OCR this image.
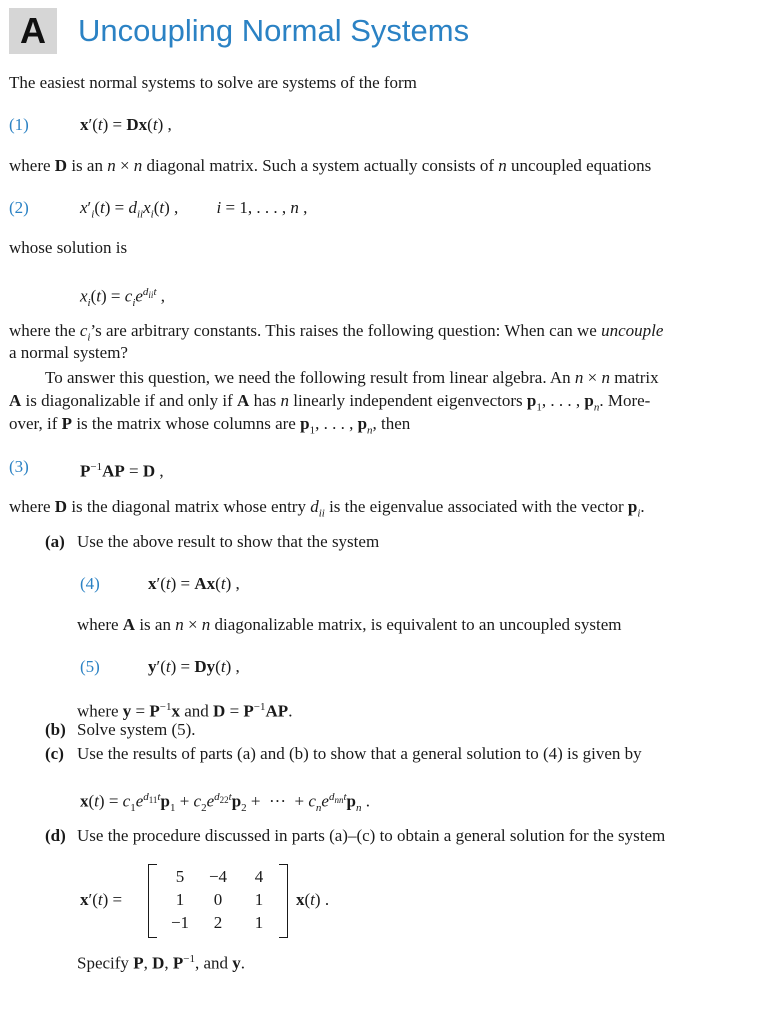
A	Uncoupling Normal Systems
The easiest normal systems to solve are systems of the form
(1)	x′(t) = Dx(t) ,
where D is an n × n diagonal matrix. Such a system actually consists of n uncoupled equations
(2)	$x'_i(t) = d_{ii}x_i(t)$ ,         i = 1, . . . , n ,
whose solution is
$x_i(t) = c_ie^{d_{ii}t}$ ,
where the $c_i’s$ are arbitrary constants. This raises the following question: When can we uncouple
a normal system?
To answer this question, we need the following result from linear algebra. An n × n matrix
A is diagonalizable if and only if A has n linearly independent eigenvectors $p_1$, . . . , $p_n$. More-
over, if P is the matrix whose columns are $p_1$, . . . , $p_n$, then
(3)	$P^{-1}AP = D$ ,
where D is the diagonal matrix whose entry $d_{ii}$ is the eigenvalue associated with the vector $p_i$.
(a) Use the above result to show that the system
(4)	x′(t) = Ax(t) ,
where A is an n × n diagonalizable matrix, is equivalent to an uncoupled system
(5)	y′(t) = Dy(t) ,
where $y = P^{-1}x$ and $D = P^{-1}AP$.
(b) Solve system (5).
(c) Use the results of parts (a) and (b) to show that a general solution to (4) is given by
$x(t) = c_1e^{d_{11}t}p_1 + c_2e^{d_{22}t}p_2$ +  ···  + $c_ne^{d_{nn}t}p_n$ .
(d) Use the procedure discussed in parts (a)–(c) to obtain a general solution for the system
x′(t) =
5	−4	4
1	0	1
−1	2	1
x(t) .
Specify P, D, $P^{-1}$, and y.
